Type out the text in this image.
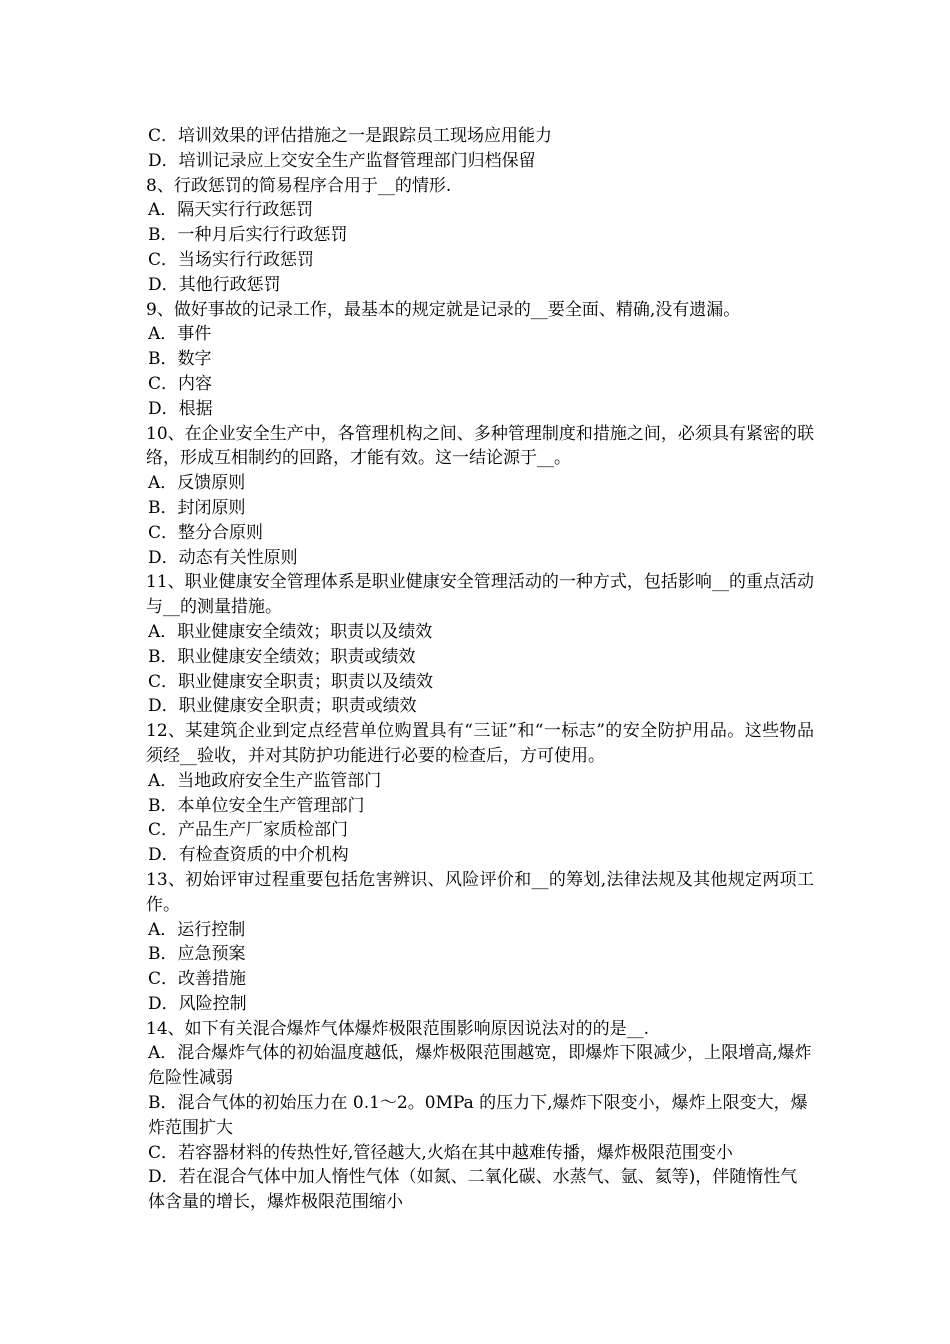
C．培训效果的评估措施之一是跟踪员工现场应用能力
D．培训记录应上交安全生产监督管理部门归档保留
8、行政惩罚的简易程序合用于__的情形.
A．隔天实行行政惩罚
B．一种月后实行行政惩罚
C．当场实行行政惩罚
D．其他行政惩罚
9、做好事故的记录工作，最基本的规定就是记录的__要全面、精确,没有遗漏。
A．事件
B．数字
C．内容
D．根据
10、在企业安全生产中，各管理机构之间、多种管理制度和措施之间，必须具有紧密的联络，形成互相制约的回路，才能有效。这一结论源于__。
A．反馈原则
B．封闭原则
C．整分合原则
D．动态有关性原则
11、职业健康安全管理体系是职业健康安全管理活动的一种方式，包括影响__的重点活动与__的测量措施。
A．职业健康安全绩效；职责以及绩效
B．职业健康安全绩效；职责或绩效
C．职业健康安全职责；职责以及绩效
D．职业健康安全职责；职责或绩效
12、某建筑企业到定点经营单位购置具有“三证”和“一标志”的安全防护用品。这些物品须经__验收，并对其防护功能进行必要的检查后，方可使用。
A．当地政府安全生产监管部门
B．本单位安全生产管理部门
C．产品生产厂家质检部门
D．有检查资质的中介机构
13、初始评审过程重要包括危害辨识、风险评价和__的筹划,法律法规及其他规定两项工作。
A．运行控制
B．应急预案
C．改善措施
D．风险控制
14、如下有关混合爆炸气体爆炸极限范围影响原因说法对的的是__.
A．混合爆炸气体的初始温度越低，爆炸极限范围越宽，即爆炸下限减少，上限增高,爆炸危险性减弱
B．混合气体的初始压力在 0.1～2。0MPa 的压力下,爆炸下限变小，爆炸上限变大，爆炸范围扩大
C．若容器材料的传热性好,管径越大,火焰在其中越难传播，爆炸极限范围变小
D．若在混合气体中加人惰性气体（如氮、二氧化碳、水蒸气、氩、氦等)，伴随惰性气体含量的增长，爆炸极限范围缩小
